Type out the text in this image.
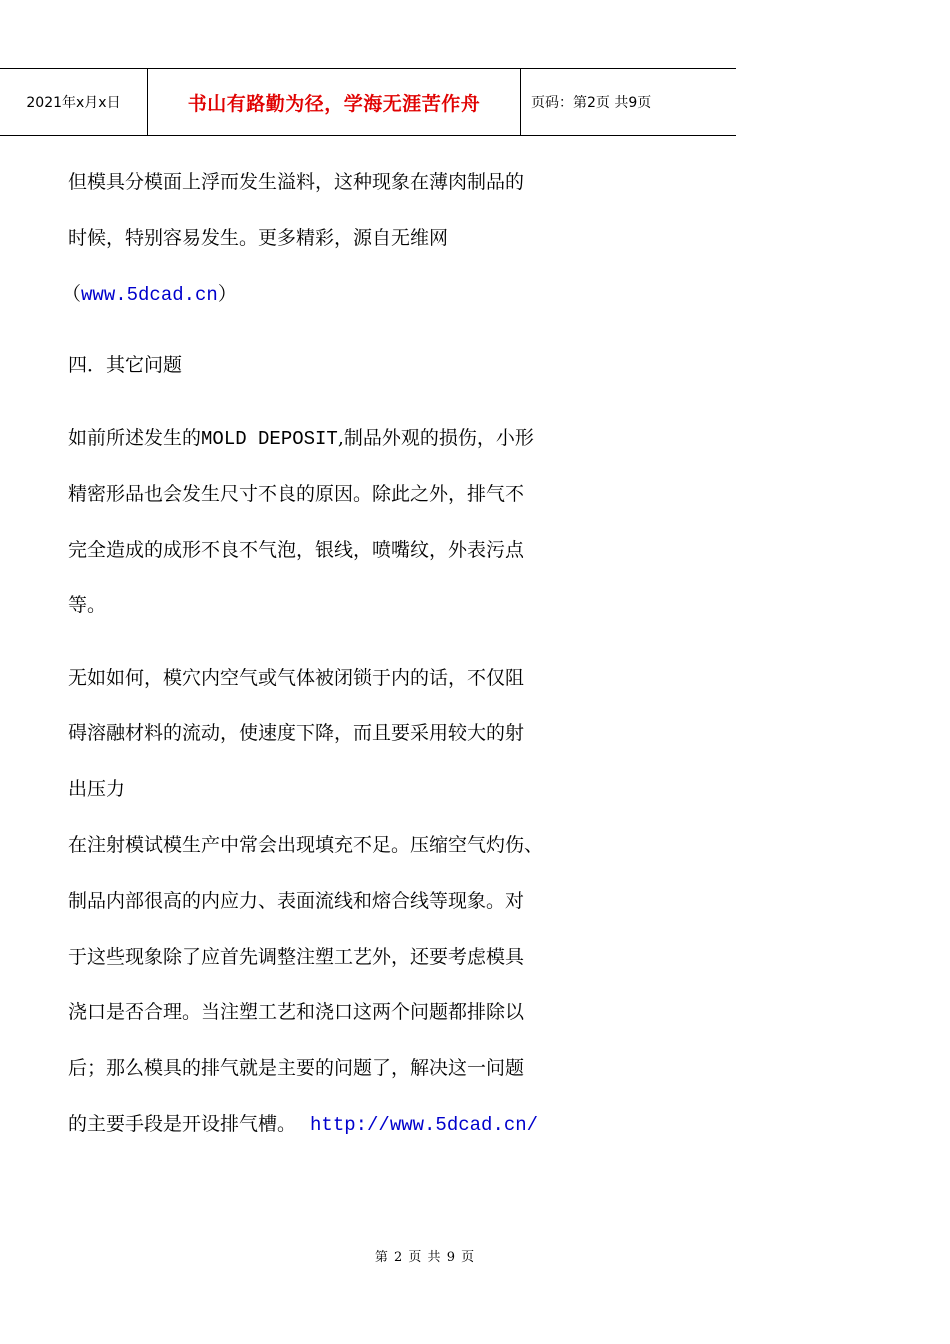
2021年x月x日	书山有路勤为径，学海无涯苦作舟	页码：第2页 共9页
但模具分模面上浮而发生溢料，这种现象在薄肉制品的
时候，特别容易发生。更多精彩，源自无维网
（www.5dcad.cn）
四．其它问题
如前所述发生的MOLD DEPOSIT,制品外观的损伤，小形
精密形品也会发生尺寸不良的原因。除此之外，排气不
完全造成的成形不良不气泡，银线，喷嘴纹，外表污点
等。
无如如何，模穴内空气或气体被闭锁于内的话，不仅阻
碍溶融材料的流动，使速度下降，而且要采用较大的射
出压力
在注射模试模生产中常会出现填充不足。压缩空气灼伤、
制品内部很高的内应力、表面流线和熔合线等现象。对
于这些现象除了应首先调整注塑工艺外，还要考虑模具
浇口是否合理。当注塑工艺和浇口这两个问题都排除以
后；那么模具的排气就是主要的问题了，解决这一问题
的主要手段是开设排气槽。 http://www.5dcad.cn/
第 2 页 共 9 页
